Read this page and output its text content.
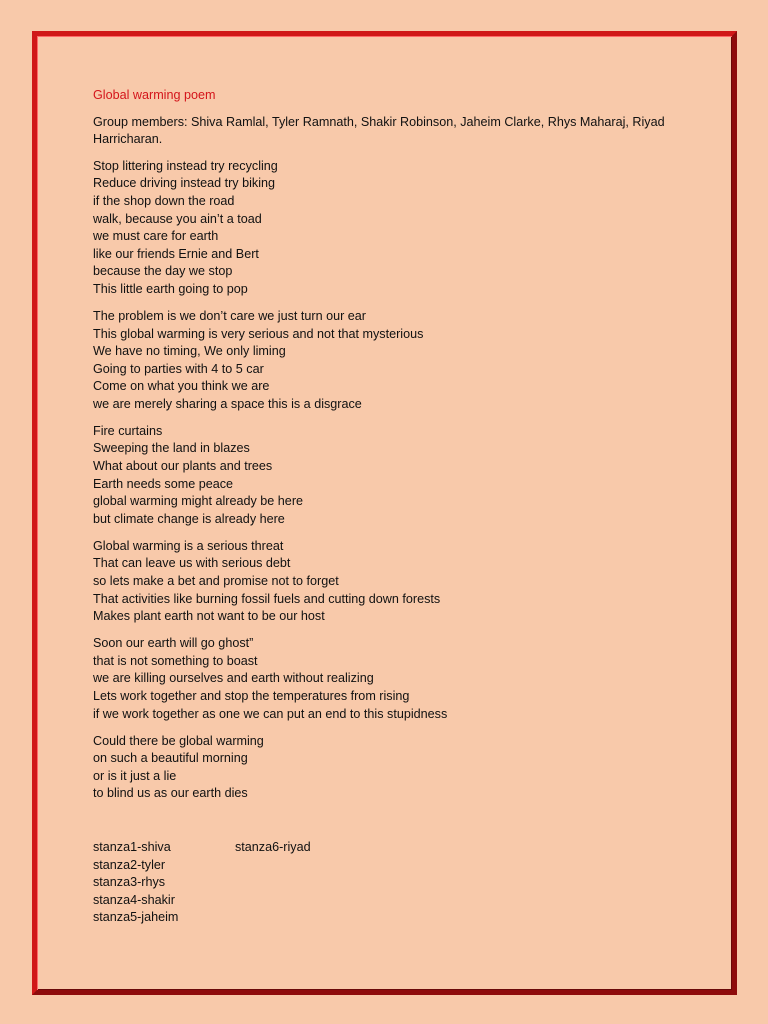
Global warming poem
Group members: Shiva Ramlal, Tyler Ramnath, Shakir Robinson, Jaheim Clarke, Rhys Maharaj, Riyad Harricharan.
Stop littering instead try recycling
Reduce driving instead try biking
if the shop down the road
walk, because you ain’t a toad
we must care for earth
like our friends Ernie and Bert
because the day we stop
This little earth going to pop
The problem is we don’t care we just turn our ear
This global warming is very serious and not that mysterious
We have no timing, We only liming
Going to parties with 4 to 5 car
Come on what you think we are
we are merely sharing a space this is a disgrace
Fire curtains
Sweeping the land in blazes
What about our plants and trees
Earth needs some peace
global warming might already be here
but climate change is already here
Global warming is a serious threat
That can leave us with serious debt
so lets make a bet and promise not to forget
That activities like burning fossil fuels and cutting down forests
Makes plant earth not want to be our host
Soon our earth will go ghost”
that is not something to boast
we are killing ourselves and earth without realizing
Lets work together and stop the temperatures from rising
if we work together as one we can put an end to this stupidness
Could there be global warming
on such a beautiful morning
or is it just a lie
to blind us as our earth dies
stanza6-riyad
stanza1-shiva
stanza2-tyler
stanza3-rhys
stanza4-shakir
stanza5-jaheim
